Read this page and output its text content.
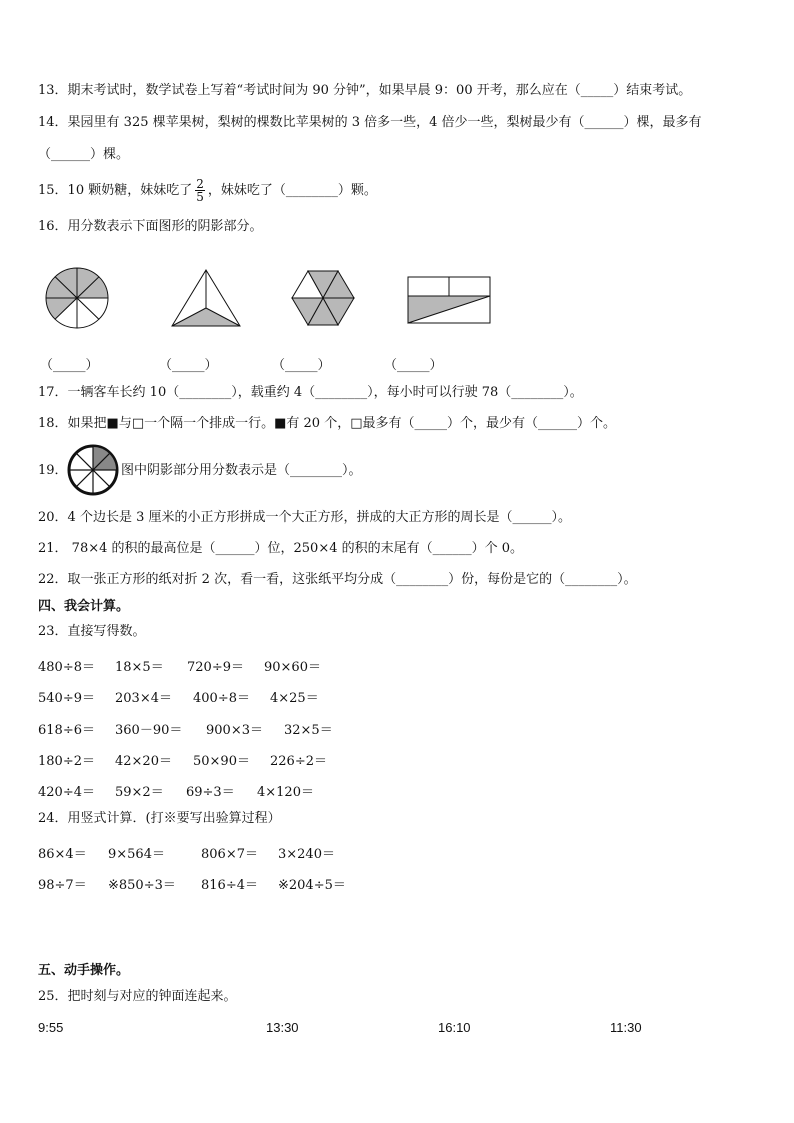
13．期末考试时，数学试卷上写着“考试时间为 90 分钟”，如果早晨 9：00 开考，那么应在（_____）结束考试。
14．果园里有 325 棵苹果树，梨树的棵数比苹果树的 3 倍多一些，4 倍少一些，梨树最少有（______）棵，最多有
（______）棵。
15．10 颗奶糖，妹妹吃了 $\frac{2}{5}$ ，妹妹吃了（________）颗。
16．用分数表示下面图形的阴影部分。
（_____）	（_____）	（_____）	（_____）
17．一辆客车长约 10（________），载重约 4（________），每小时可以行驶 78（________）。
18．如果把■与□一个隔一个排成一行。■有 20 个，□最多有（_____）个，最少有（______）个。
19．	图中阴影部分用分数表示是（________）。
20．4 个边长是 3 厘米的小正方形拼成一个大正方形，拼成的大正方形的周长是（______）。
21． 78×4 的积的最高位是（______）位，250×4 的积的末尾有（______）个 0。
22．取一张正方形的纸对折 2 次，看一看，这张纸平均分成（________）份，每份是它的（________）。
四、我会计算。
23．直接写得数。
480÷8＝ 18×5＝ 720÷9＝ 90×60＝
540÷9＝ 203×4＝ 400÷8＝ 4×25＝
618÷6＝ 360－90＝ 900×3＝ 32×5＝
180÷2＝ 42×20＝ 50×90＝ 226÷2＝
420÷4＝ 59×2＝ 69÷3＝ 4×120＝
24．用竖式计算．(打※要写出验算过程）
86×4＝ 9×564＝	806×7＝ 3×240＝
98÷7＝ ※850÷3＝ 816÷4＝ ※204÷5＝
五、动手操作。
25．把时刻与对应的钟面连起来。
9:55	13:30	16:10	11:30
